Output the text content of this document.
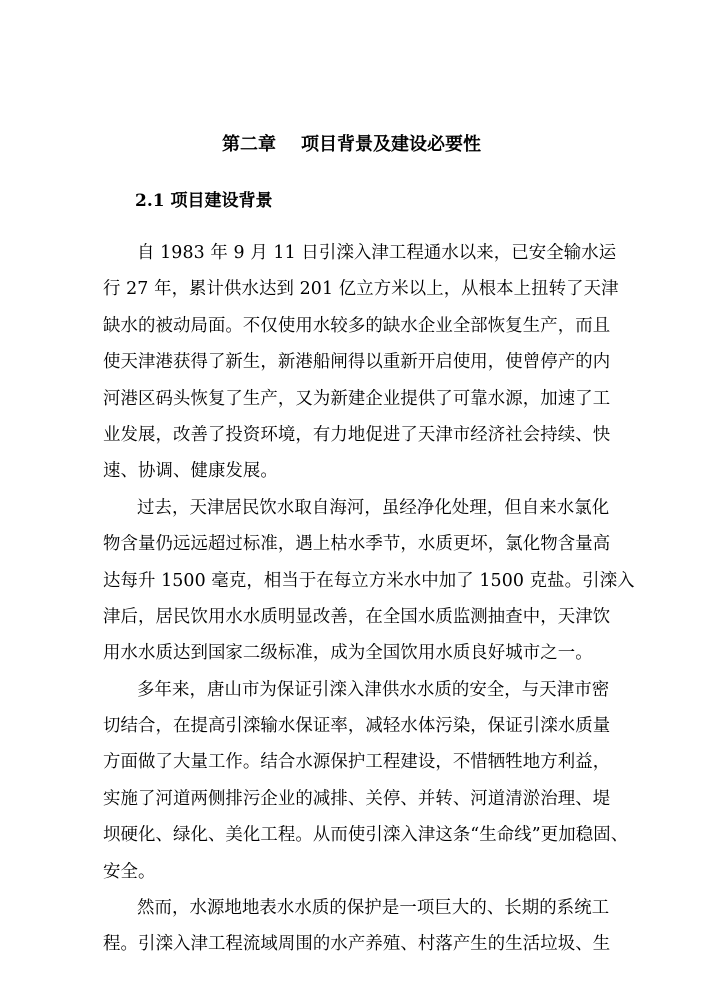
第二章    项目背景及建设必要性
2.1 项目建设背景
自 1983 年 9 月 11 日引滦入津工程通水以来，已安全输水运
行 27 年，累计供水达到 201 亿立方米以上，从根本上扭转了天津
缺水的被动局面。不仅使用水较多的缺水企业全部恢复生产，而且
使天津港获得了新生，新港船闸得以重新开启使用，使曾停产的内
河港区码头恢复了生产，又为新建企业提供了可靠水源，加速了工
业发展，改善了投资环境，有力地促进了天津市经济社会持续、快
速、协调、健康发展。
过去，天津居民饮水取自海河，虽经净化处理，但自来水氯化
物含量仍远远超过标准，遇上枯水季节，水质更坏，氯化物含量高
达每升 1500 毫克，相当于在每立方米水中加了 1500 克盐。引滦入
津后，居民饮用水水质明显改善，在全国水质监测抽查中，天津饮
用水水质达到国家二级标准，成为全国饮用水质良好城市之一。
多年来，唐山市为保证引滦入津供水水质的安全，与天津市密
切结合，在提高引滦输水保证率，减轻水体污染，保证引滦水质量
方面做了大量工作。结合水源保护工程建设，不惜牺牲地方利益，
实施了河道两侧排污企业的减排、关停、并转、河道清淤治理、堤
坝硬化、绿化、美化工程。从而使引滦入津这条“生命线”更加稳固、
安全。
然而，水源地地表水水质的保护是一项巨大的、长期的系统工
程。引滦入津工程流域周围的水产养殖、村落产生的生活垃圾、生
